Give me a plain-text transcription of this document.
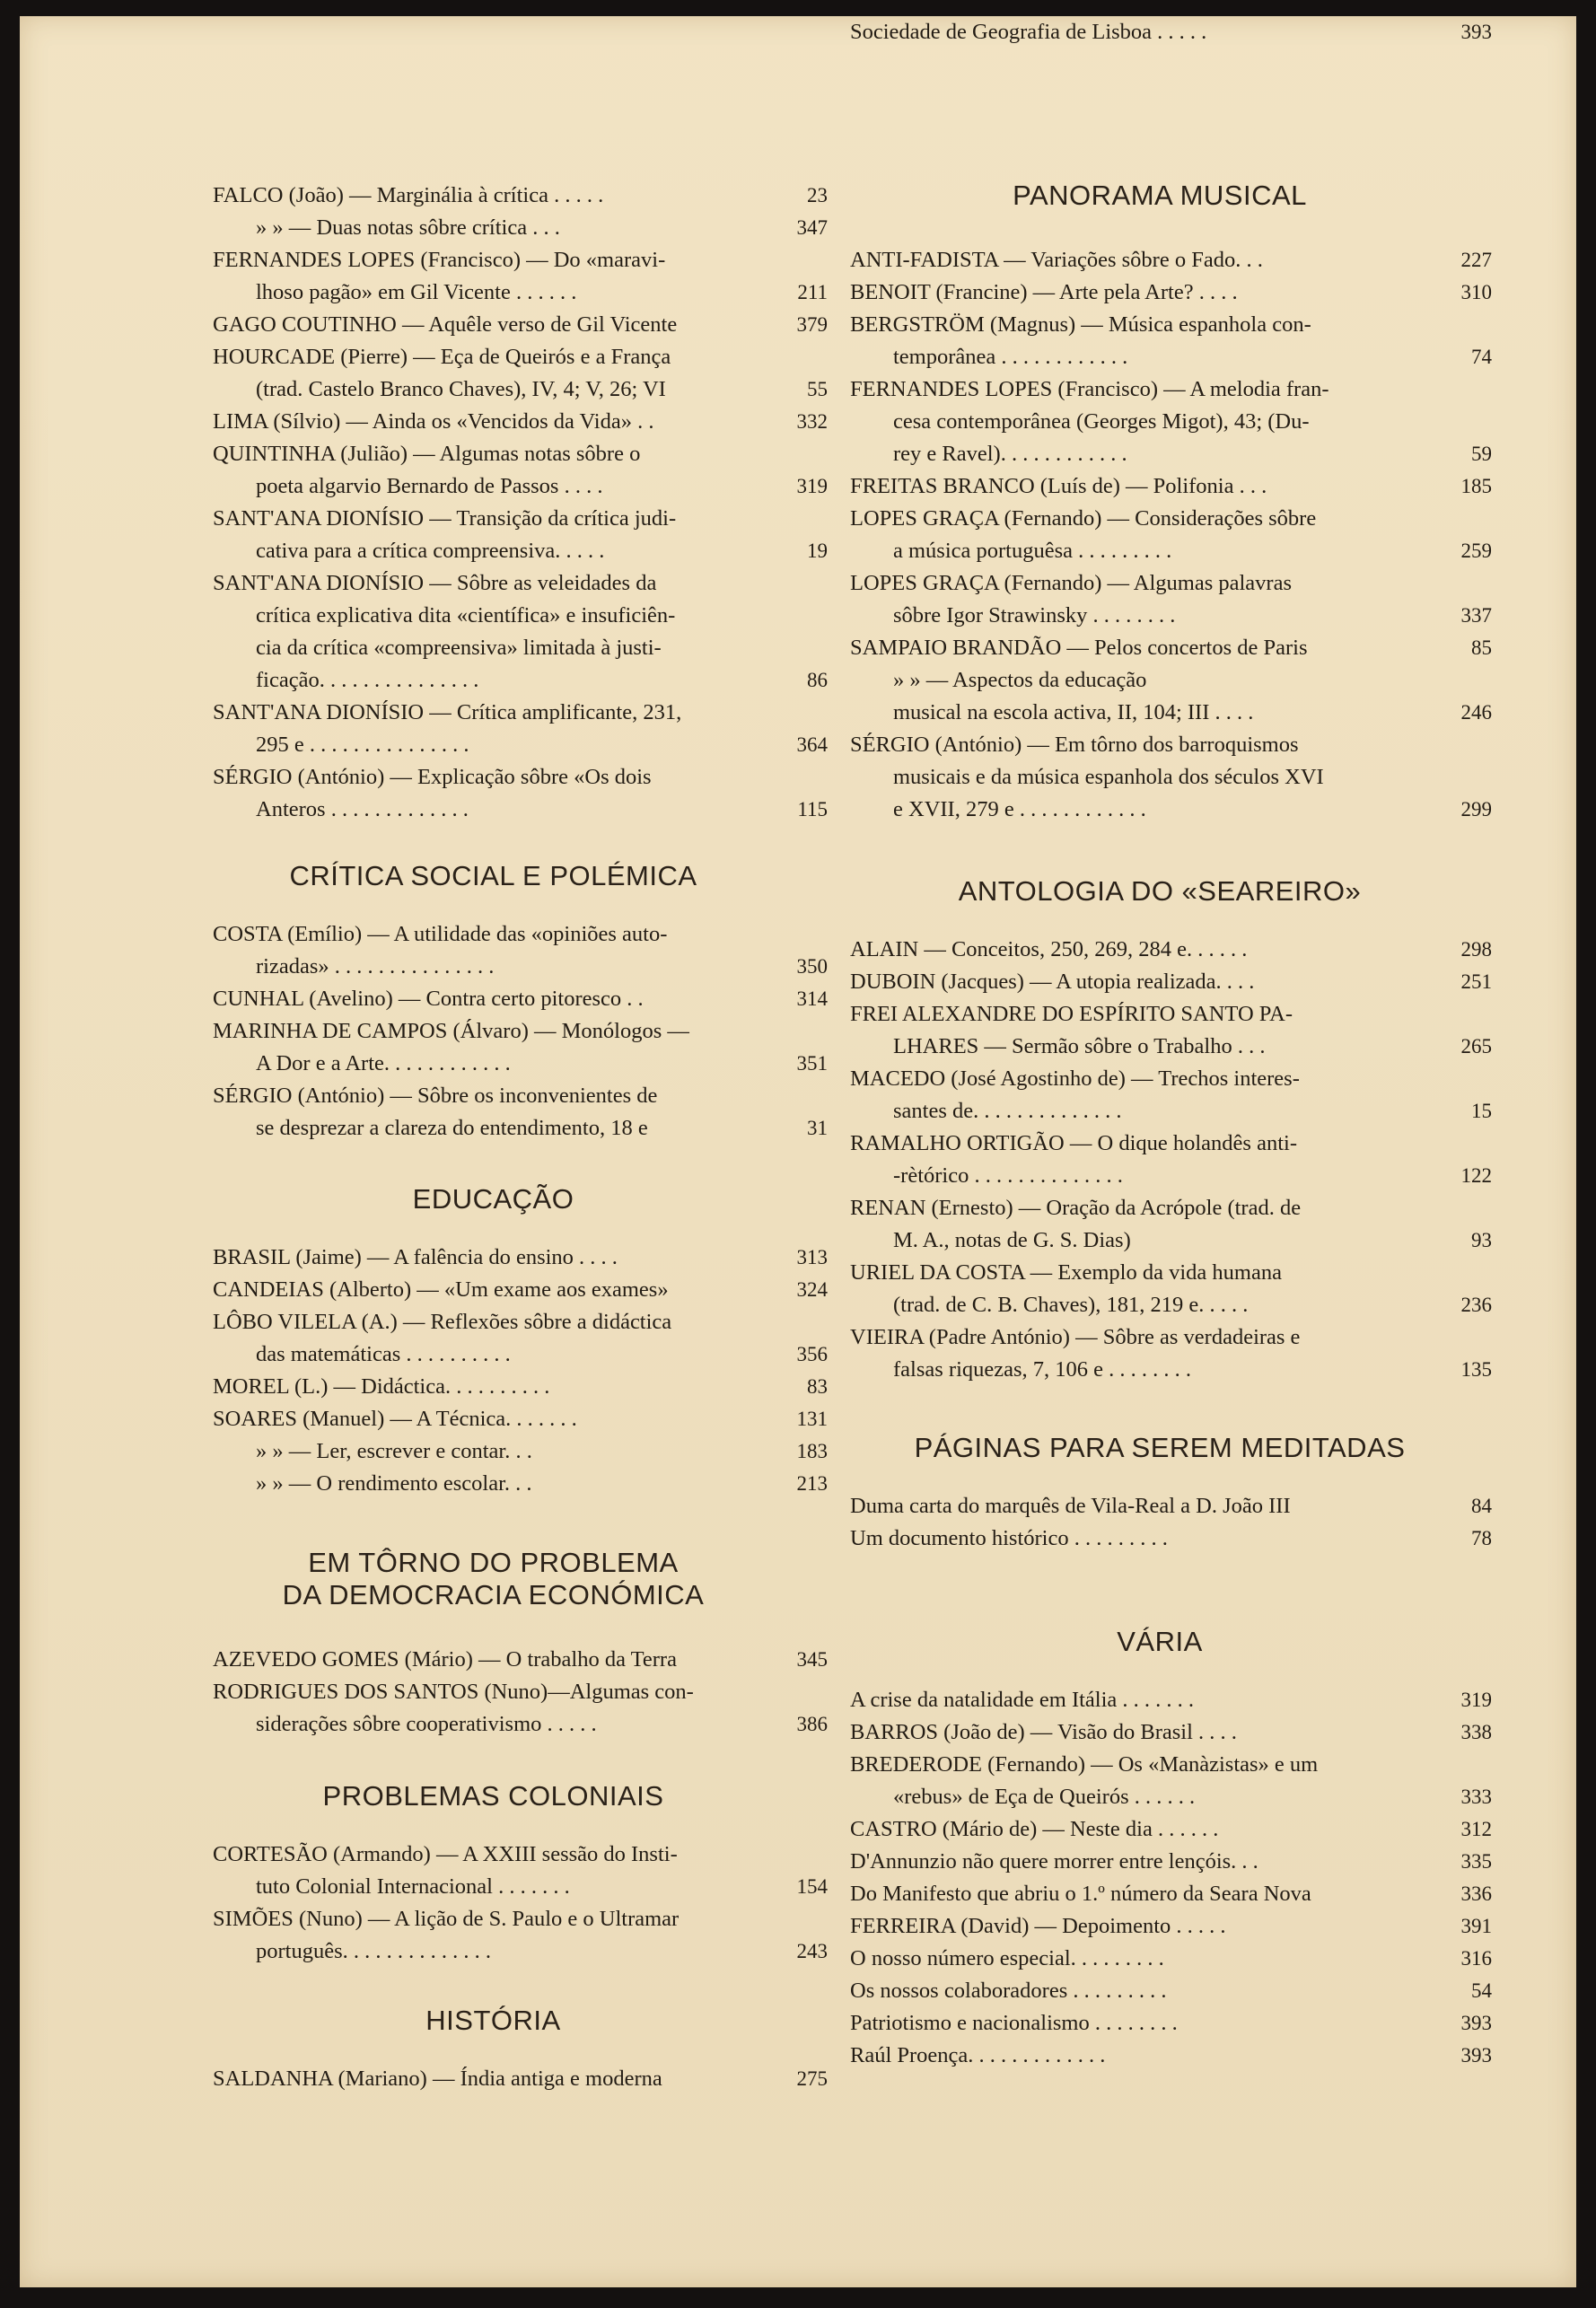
FALCO (João) — Marginália à crítica . . . . .	23
» » — Duas notas sôbre crítica . . .	347
FERNANDES LOPES (Francisco) — Do «maravi-
lhoso pagão» em Gil Vicente . . . . . .	211
GAGO COUTINHO — Aquêle verso de Gil Vicente	379
HOURCADE (Pierre) — Eça de Queirós e a França
(trad. Castelo Branco Chaves), IV, 4; V, 26; VI	55
LIMA (Sílvio) — Ainda os «Vencidos da Vida» . .	332
QUINTINHA (Julião) — Algumas notas sôbre o
poeta algarvio Bernardo de Passos . . . .	319
SANT'ANA DIONÍSIO — Transição da crítica judi-
cativa para a crítica compreensiva. . . . .	19
SANT'ANA DIONÍSIO — Sôbre as veleidades da
crítica explicativa dita «científica» e insuficiên-
cia da crítica «compreensiva» limitada à justi-
ficação. . . . . . . . . . . . . . .	86
SANT'ANA DIONÍSIO — Crítica amplificante, 231,
295 e . . . . . . . . . . . . . . .	364
SÉRGIO (António) — Explicação sôbre «Os dois
Anteros . . . . . . . . . . . . .	115
CRÍTICA SOCIAL E POLÉMICA
COSTA (Emílio) — A utilidade das «opiniões auto-
rizadas» . . . . . . . . . . . . . . .	350
CUNHAL (Avelino) — Contra certo pitoresco . .	314
MARINHA DE CAMPOS (Álvaro) — Monólogos —
A Dor e a Arte. . . . . . . . . . . .	351
SÉRGIO (António) — Sôbre os inconvenientes de
se desprezar a clareza do entendimento, 18 e	31
EDUCAÇÃO
BRASIL (Jaime) — A falência do ensino . . . .	313
CANDEIAS (Alberto) — «Um exame aos exames»	324
LÔBO VILELA (A.) — Reflexões sôbre a didáctica
das matemáticas . . . . . . . . . .	356
MOREL (L.) — Didáctica. . . . . . . . . .	83
SOARES (Manuel) — A Técnica. . . . . . .	131
» » — Ler, escrever e contar. . .	183
» » — O rendimento escolar. . .	213
EM TÔRNO DO PROBLEMA
DA DEMOCRACIA ECONÓMICA
AZEVEDO GOMES (Mário) — O trabalho da Terra	345
RODRIGUES DOS SANTOS (Nuno)—Algumas con-
siderações sôbre cooperativismo . . . . .	386
PROBLEMAS COLONIAIS
CORTESÃO (Armando) — A XXIII sessão do Insti-
tuto Colonial Internacional . . . . . . .	154
SIMÕES (Nuno) — A lição de S. Paulo e o Ultramar
português. . . . . . . . . . . . . .	243
HISTÓRIA
SALDANHA (Mariano) — Índia antiga e moderna	275
PANORAMA MUSICAL
ANTI-FADISTA — Variações sôbre o Fado. . .	227
BENOIT (Francine) — Arte pela Arte? . . . .	310
BERGSTRÖM (Magnus) — Música espanhola con-
temporânea . . . . . . . . . . . .	74
FERNANDES LOPES (Francisco) — A melodia fran-
cesa contemporânea (Georges Migot), 43; (Du-
rey e Ravel). . . . . . . . . . . .	59
FREITAS BRANCO (Luís de) — Polifonia . . .	185
LOPES GRAÇA (Fernando) — Considerações sôbre
a música portuguêsa . . . . . . . . .	259
LOPES GRAÇA (Fernando) — Algumas palavras
sôbre Igor Strawinsky . . . . . . . .	337
SAMPAIO BRANDÃO — Pelos concertos de Paris	85
» » — Aspectos da educação
musical na escola activa, II, 104; III . . . .	246
SÉRGIO (António) — Em tôrno dos barroquismos
musicais e da música espanhola dos séculos XVI
e XVII, 279 e . . . . . . . . . . . .	299
ANTOLOGIA DO «SEAREIRO»
ALAIN — Conceitos, 250, 269, 284 e. . . . . .	298
DUBOIN (Jacques) — A utopia realizada. . . .	251
FREI ALEXANDRE DO ESPÍRITO SANTO PA-
LHARES — Sermão sôbre o Trabalho . . .	265
MACEDO (José Agostinho de) — Trechos interes-
santes de. . . . . . . . . . . . . .	15
RAMALHO ORTIGÃO — O dique holandês anti-
-rètórico . . . . . . . . . . . . . .	122
RENAN (Ernesto) — Oração da Acrópole (trad. de
M. A., notas de G. S. Dias)	93
URIEL DA COSTA — Exemplo da vida humana
(trad. de C. B. Chaves), 181, 219 e. . . . .	236
VIEIRA (Padre António) — Sôbre as verdadeiras e
falsas riquezas, 7, 106 e . . . . . . . .	135
PÁGINAS PARA SEREM MEDITADAS
Duma carta do marquês de Vila-Real a D. João III	84
Um documento histórico . . . . . . . . .	78
VÁRIA
A crise da natalidade em Itália . . . . . . .	319
BARROS (João de) — Visão do Brasil . . . .	338
BREDERODE (Fernando) — Os «Manàzistas» e um
«rebus» de Eça de Queirós . . . . . .	333
CASTRO (Mário de) — Neste dia . . . . . .	312
D'Annunzio não quere morrer entre lençóis. . .	335
Do Manifesto que abriu o 1.º número da Seara Nova	336
FERREIRA (David) — Depoimento . . . . .	391
O nosso número especial. . . . . . . . .	316
Os nossos colaboradores . . . . . . . . .	54
Patriotismo e nacionalismo . . . . . . . .	393
Raúl Proença. . . . . . . . . . . . .	393
Sociedade de Geografia de Lisboa . . . . .	393
